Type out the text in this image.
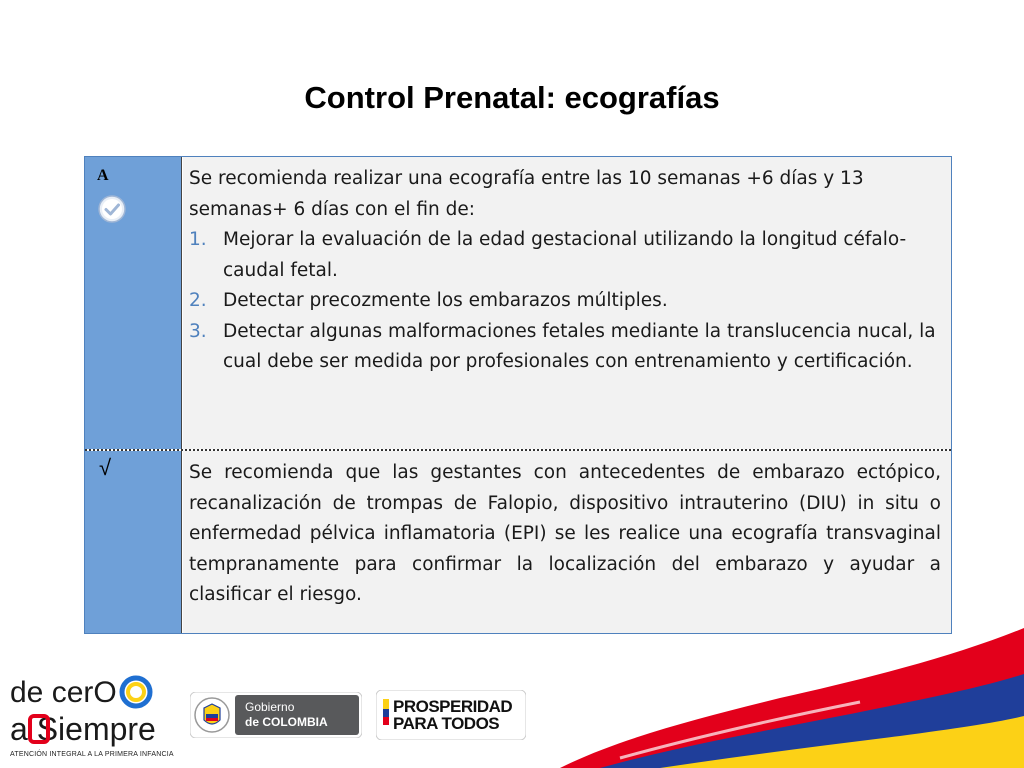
Control Prenatal: ecografías
A	Se recomienda realizar una ecografía entre las 10 semanas +6 días y 13 semanas+ 6 días con el fin de:
1. Mejorar la evaluación de la edad gestacional utilizando la longitud céfalo-caudal fetal.
2. Detectar precozmente los embarazos múltiples.
3. Detectar algunas malformaciones fetales mediante la translucencia nucal, la cual debe ser medida por profesionales con entrenamiento y certificación.
√	Se recomienda que las gestantes con antecedentes de embarazo ectópico, recanalización de trompas de Falopio, dispositivo intrauterino (DIU) in situ o enfermedad pélvica inflamatoria (EPI) se les realice una ecografía transvaginal tempranamente para confirmar la localización del embarazo y ayudar a clasificar el riesgo.
de cerO
a Siempre
ATENCIÓN INTEGRAL A LA PRIMERA INFANCIA
Gobierno
de COLOMBIA
PROSPERIDAD
PARA TODOS
